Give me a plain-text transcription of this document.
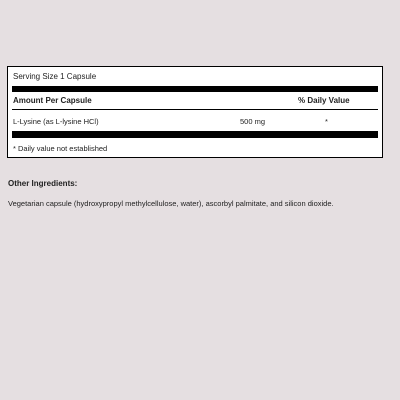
Serving Size 1 Capsule
Amount Per Capsule	% Daily Value
L-Lysine (as L-lysine HCl)	500 mg	*
* Daily value not established
Other Ingredients:
Vegetarian capsule (hydroxypropyl methylcellulose, water), ascorbyl palmitate, and silicon dioxide.
